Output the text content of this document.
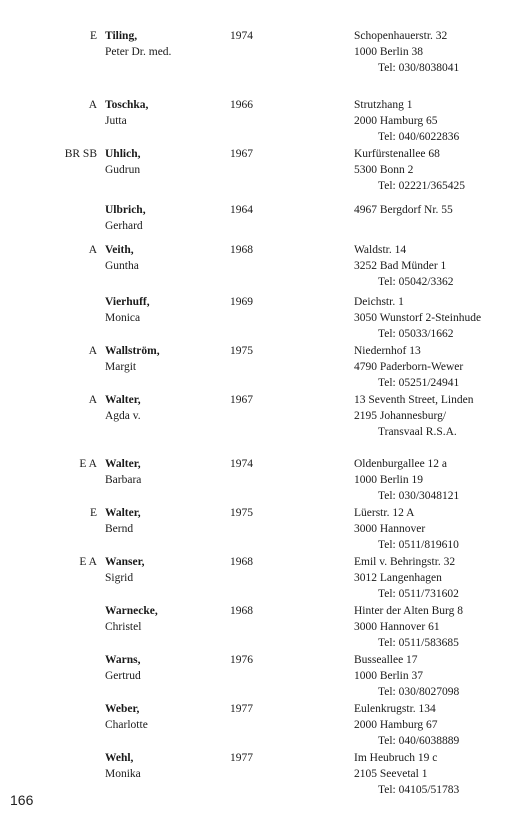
E Tiling,
Peter Dr. med.
1974	Schopenhauerstr. 32
1000 Berlin 38
Tel: 030/8038041
A Toschka,
Jutta
1966	Strutzhang 1
2000 Hamburg 65
Tel: 040/6022836
BR SB Uhlich,
Gudrun
1967	Kurfürstenallee 68
5300 Bonn 2
Tel: 02221/365425
Ulbrich,
Gerhard
1964	4967 Bergdorf Nr. 55
A Veith,
Guntha
1968	Waldstr. 14
3252 Bad Münder 1
Tel: 05042/3362
Vierhuff,
Monica
1969	Deichstr. 1
3050 Wunstorf 2-Steinhude
Tel: 05033/1662
A Wallström,
Margit
1975	Niedernhof 13
4790 Paderborn-Wewer
Tel: 05251/24941
A Walter,
Agda v.
1967	13 Seventh Street, Linden
2195 Johannesburg/
Transvaal R.S.A.
E A Walter,
Barbara
1974	Oldenburgallee 12 a
1000 Berlin 19
Tel: 030/3048121
E Walter,
Bernd
1975	Lüerstr. 12 A
3000 Hannover
Tel: 0511/819610
E A Wanser,
Sigrid
1968	Emil v. Behringstr. 32
3012 Langenhagen
Tel: 0511/731602
Warnecke,
Christel
1968	Hinter der Alten Burg 8
3000 Hannover 61
Tel: 0511/583685
Warns,
Gertrud
1976	Busseallee 17
1000 Berlin 37
Tel: 030/8027098
Weber,
Charlotte
1977	Eulenkrugstr. 134
2000 Hamburg 67
Tel: 040/6038889
Wehl,
Monika
1977	Im Heubruch 19 c
2105 Seevetal 1
Tel: 04105/51783
166
